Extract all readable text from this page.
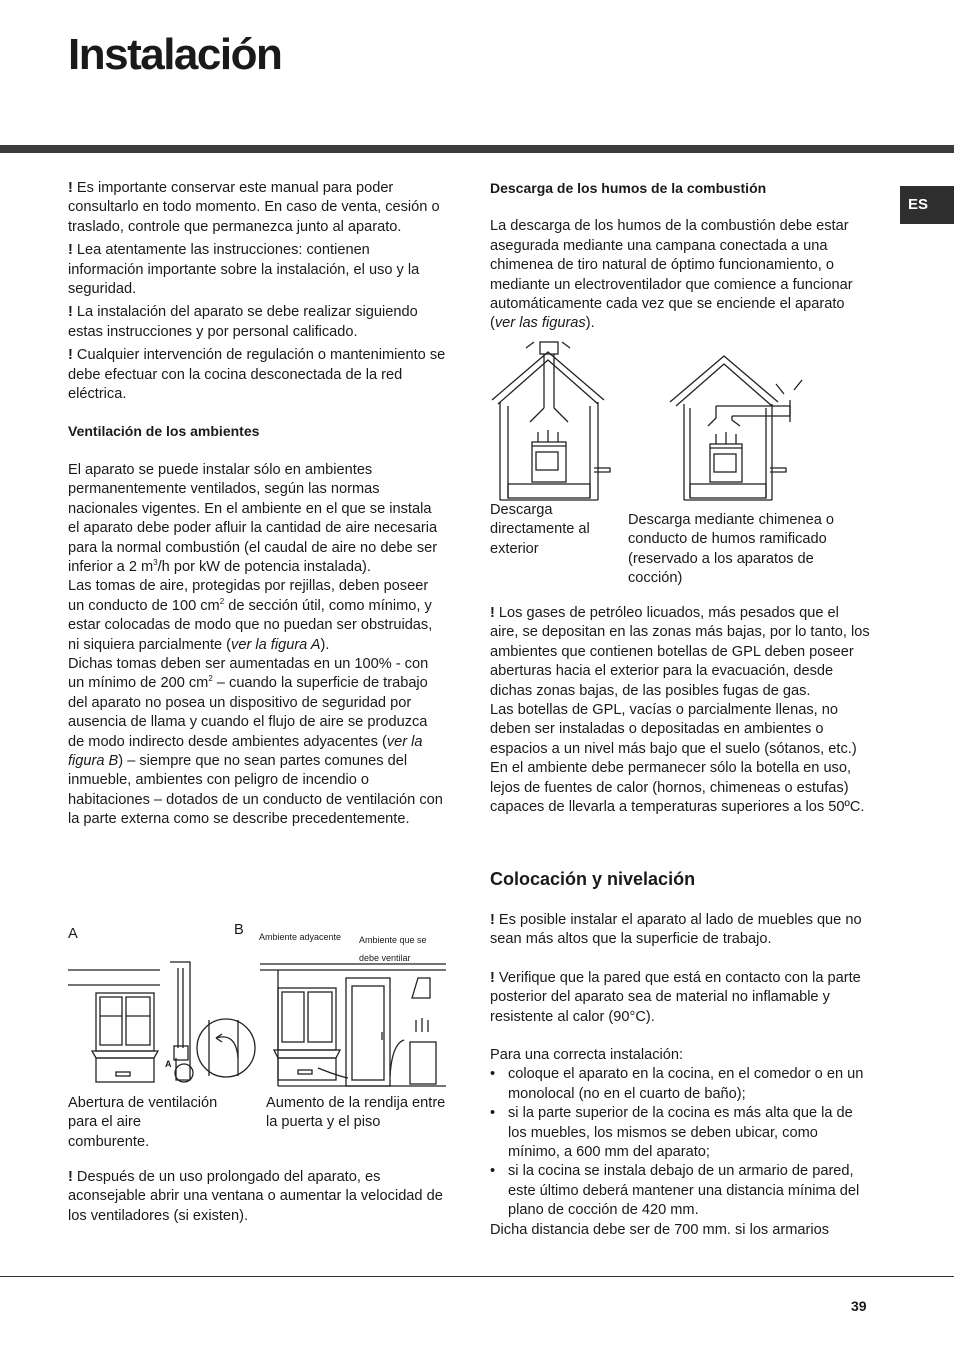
Instalación
ES

! Es importante conservar este manual para poder consultarlo en todo momento. En caso de venta, cesión o traslado, controle que permanezca junto al aparato.

! Lea atentamente las instrucciones: contienen información importante sobre la instalación, el uso y la seguridad.

! La instalación del aparato se debe realizar siguiendo estas instrucciones y por personal calificado.

! Cualquier intervención de regulación o mantenimiento se debe efectuar con la cocina desconectada de la red eléctrica.

Ventilación de los ambientes

El aparato se puede instalar sólo en ambientes permanentemente ventilados, según las normas nacionales vigentes. En el ambiente en el que se instala el aparato debe poder afluir la cantidad de aire necesaria para la normal combustión (el caudal de aire no debe ser inferior a 2 $m^3/h$ por kW de potencia instalada).

Las tomas de aire, protegidas por rejillas, deben poseer un conducto de 100 $cm^2$ de sección útil, como mínimo, y estar colocadas de modo que no puedan ser obstruidas, ni siquiera parcialmente (ver la figura A).

Dichas tomas deben ser aumentadas en un 100% - con un mínimo de 200 $cm^2$ – cuando la superficie de trabajo del aparato no posea un dispositivo de seguridad por ausencia de llama y cuando el flujo de aire se produzca de modo indirecto desde ambientes adyacentes (ver la figura B) – siempre que no sean partes comunes del inmueble, ambientes con peligro de incendio o habitaciones – dotados de un conducto de ventilación con la parte externa como se describe precedentemente.

A	B Ambiente adyacente Ambiente que se debe ventilar
A
Abertura de ventilación para el aire comburente.
Aumento de la rendija entre la puerta y el piso

! Después de un uso prolongado del aparato, es aconsejable abrir una ventana o aumentar la velocidad de los ventiladores (si existen).

Descarga de los humos de la combustión

La descarga de los humos de la combustión debe estar asegurada mediante una campana conectada a una chimenea de tiro natural de óptimo funcionamiento, o mediante un electroventilador que comience a funcionar automáticamente cada vez que se enciende el aparato (ver las figuras).

Descarga directamente al exterior
Descarga mediante chimenea o conducto de humos ramificado (reservado a los aparatos de cocción)

! Los gases de petróleo licuados, más pesados que el aire, se depositan en las zonas más bajas, por lo tanto, los ambientes que contienen botellas de GPL deben poseer aberturas hacia el exterior para la evacuación, desde dichas zonas bajas, de las posibles fugas de gas.

Las botellas de GPL, vacías o parcialmente llenas, no deben ser instaladas o depositadas en ambientes o espacios a un nivel más bajo que el suelo (sótanos, etc.) En el ambiente debe permanecer sólo la botella en uso, lejos de fuentes de calor (hornos, chimeneas o estufas) capaces de llevarla a temperaturas superiores a los 50ºC.

Colocación y nivelación

! Es posible instalar el aparato al lado de muebles que no sean más altos que la superficie de trabajo.

! Verifique que la pared que está en contacto con la parte posterior del aparato sea de material no inflamable y resistente al calor (90°C).

Para una correcta instalación:

• coloque el aparato en la cocina, en el comedor o en un monolocal (no en el cuarto de baño);
• si la parte superior de la cocina es más alta que la de los muebles, los mismos se deben ubicar, como mínimo, a 600 mm del aparato;
• si la cocina se instala debajo de un armario de pared, este último deberá mantener una distancia mínima del plano de cocción de 420 mm.

Dicha distancia debe ser de 700 mm. si los armarios

39
